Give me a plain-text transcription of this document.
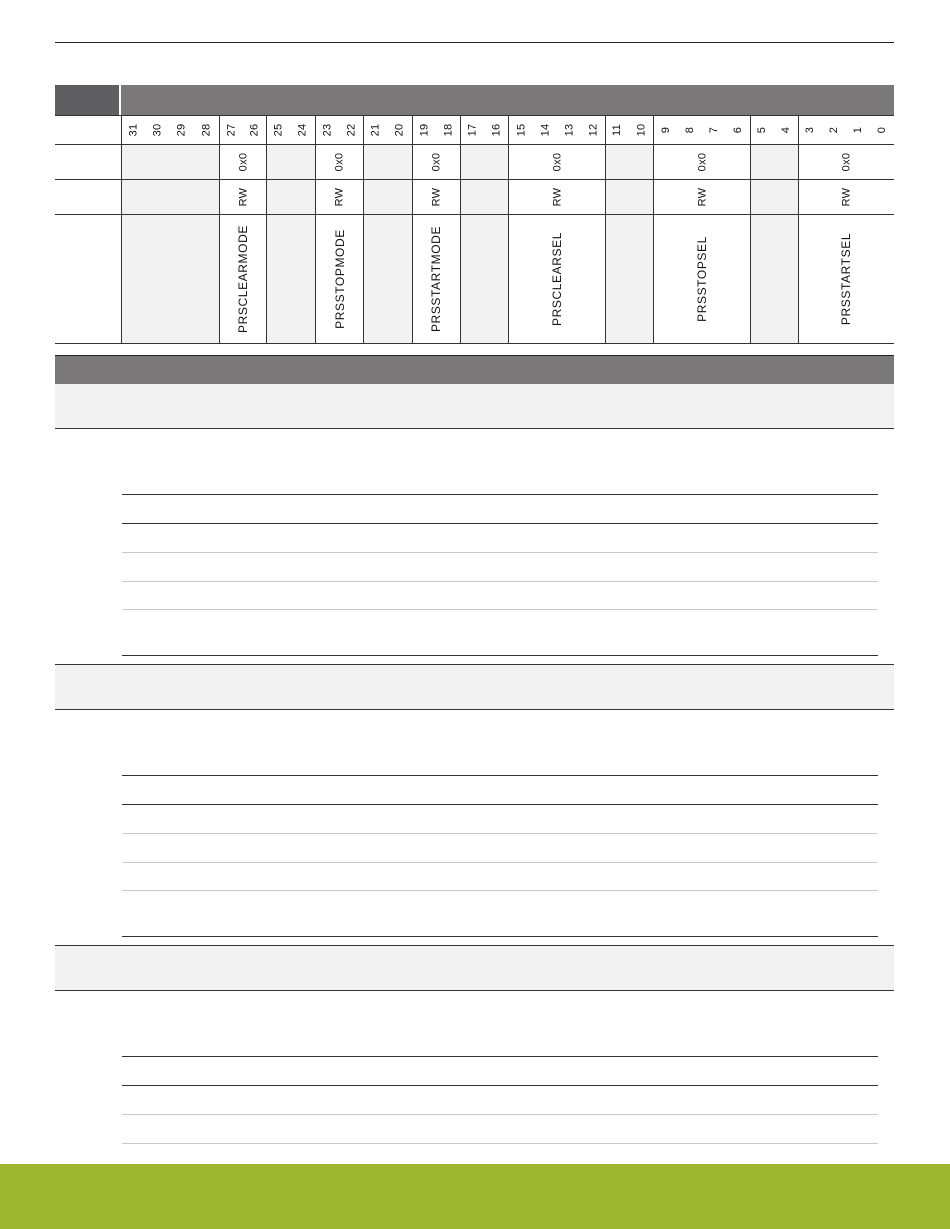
31 30 29 28 27 26 25 24 23 22 21 20 19 18 17 16 15 14 13 12 11 10 9 8 7 6 5 4 3 2 1 0
0x0	0x0	0x0	0x0	0x0	0x0
RW	RW	RW	RW	RW	RW
PRSCLEARMODE	PRSSTOPMODE	PRSSTARTMODE	PRSCLEARSEL	PRSSTOPSEL	PRSSTARTSEL
